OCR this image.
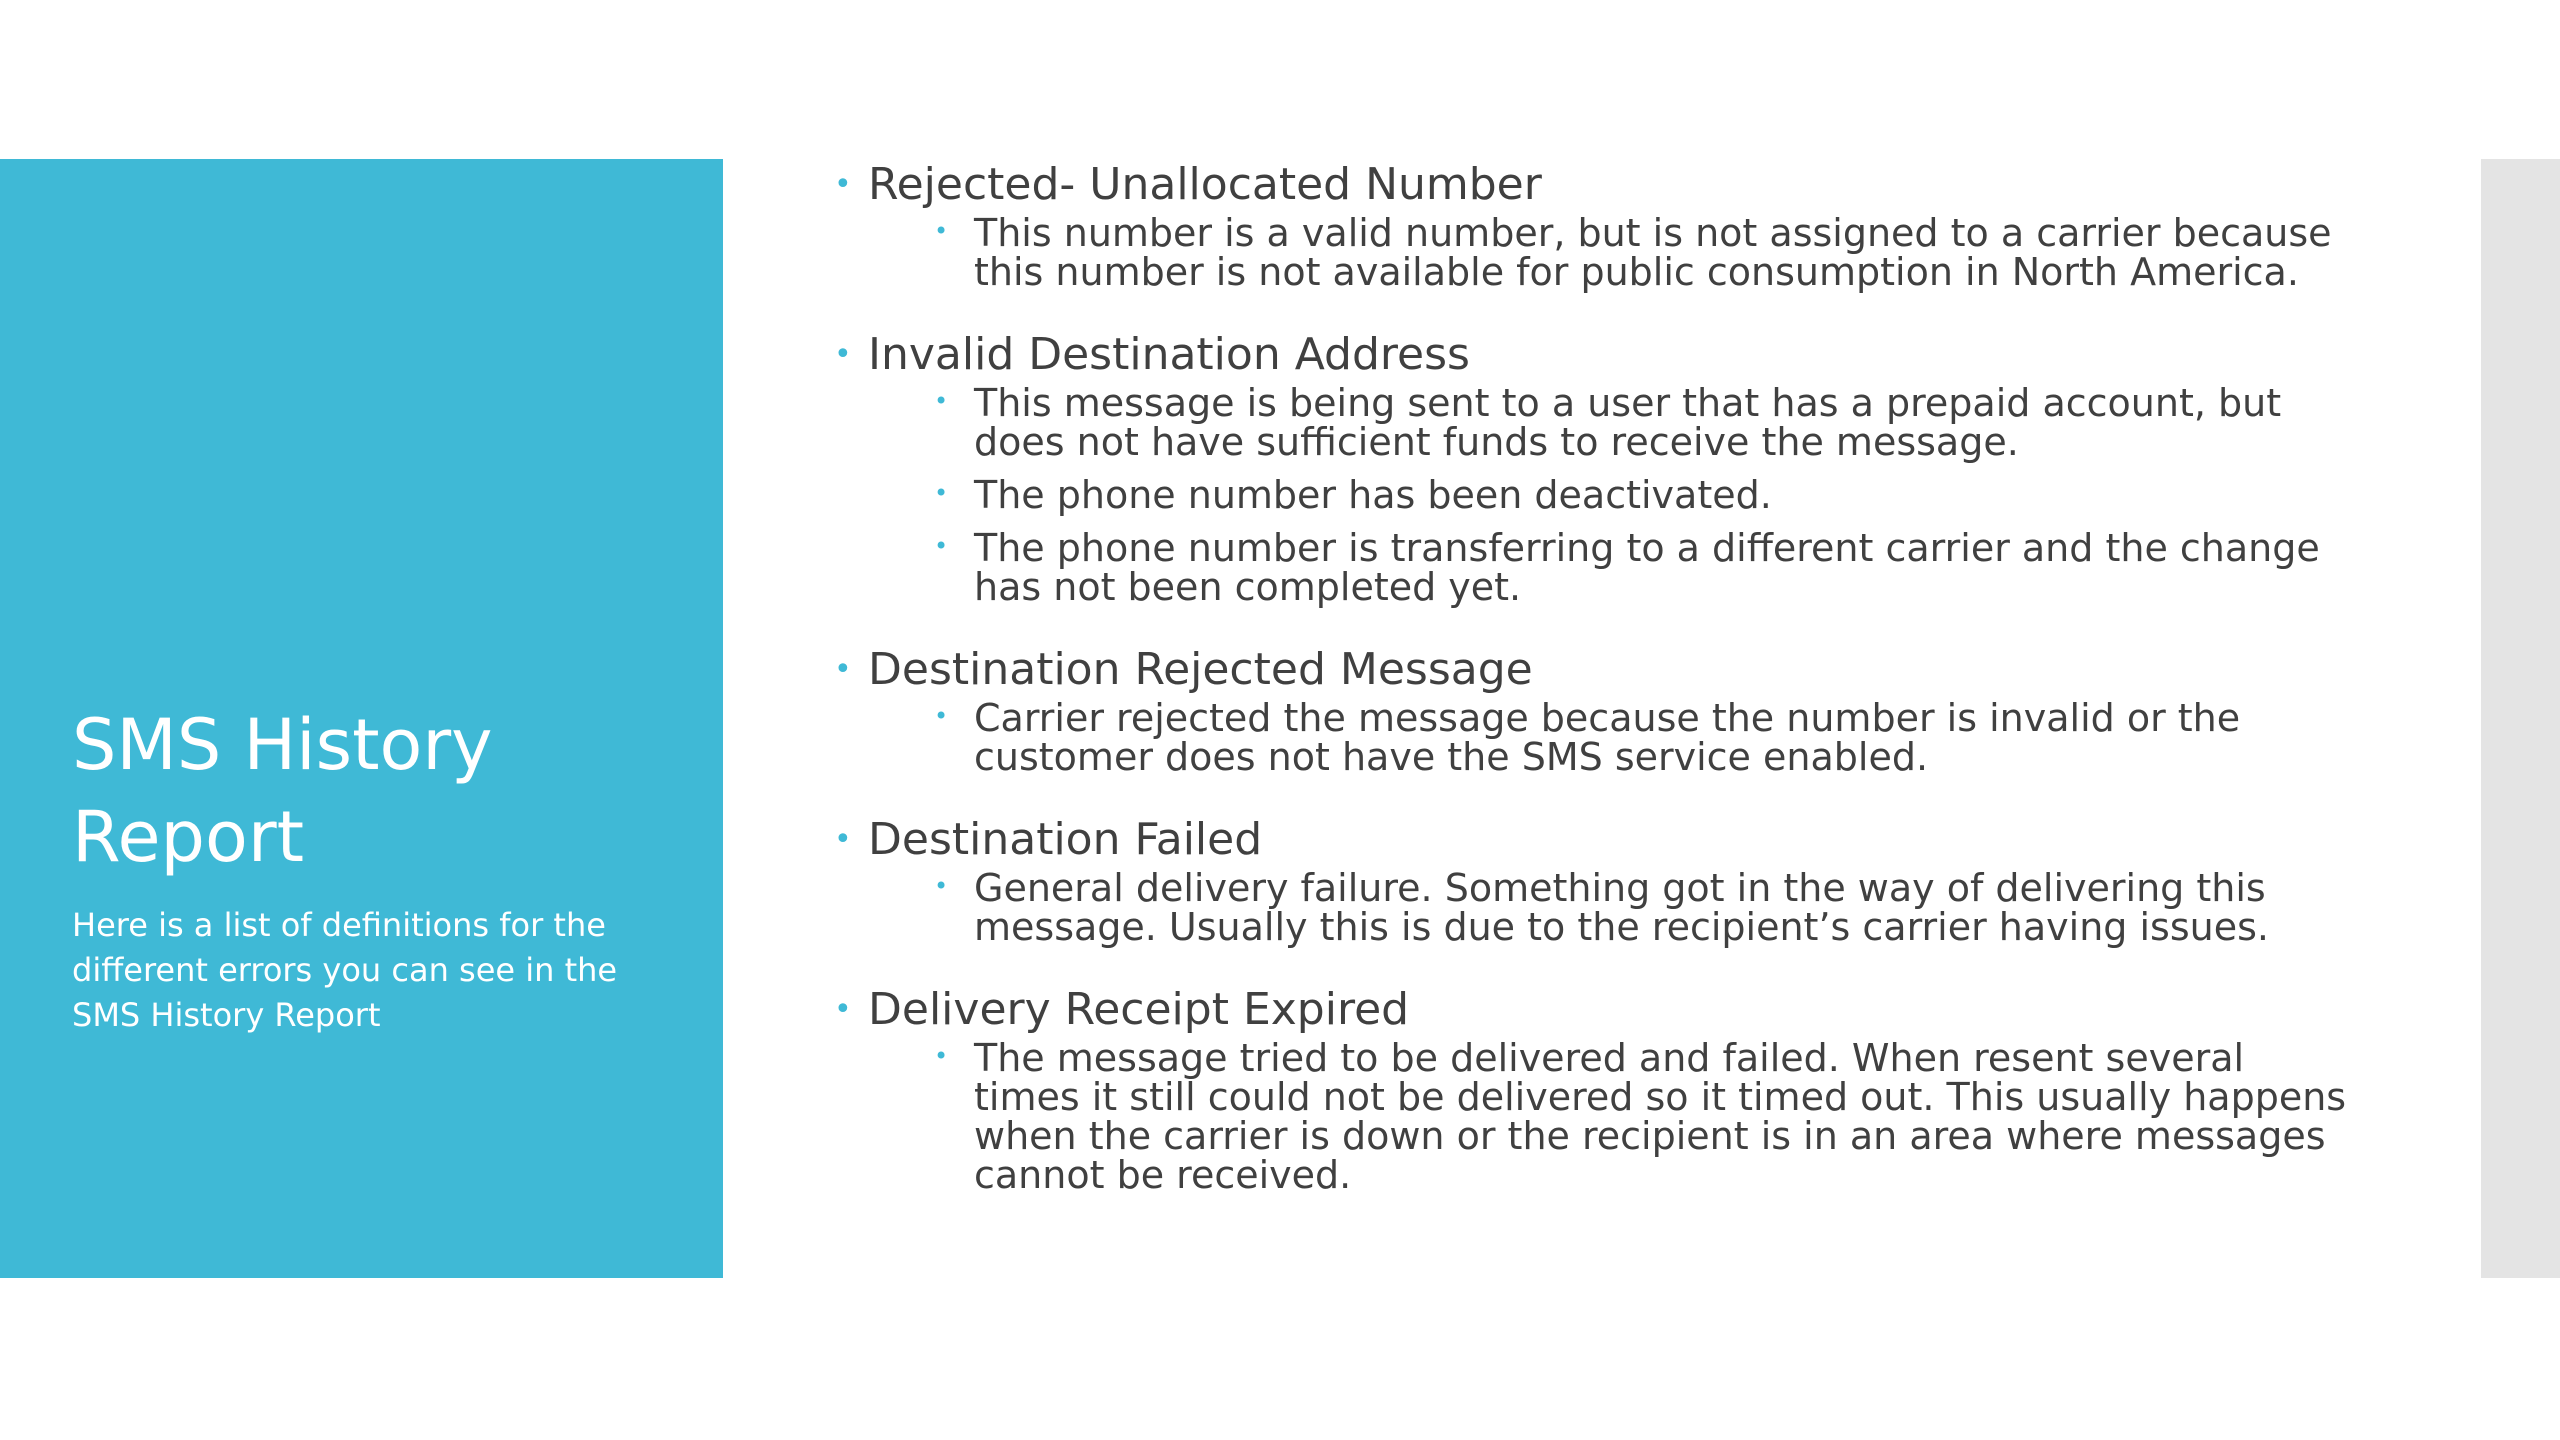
SMS History Report

Here is a list of definitions for the different errors you can see in the SMS History Report

• Rejected- Unallocated Number
• This number is a valid number, but is not assigned to a carrier because this number is not available for public consumption in North America.
• Invalid Destination Address
• This message is being sent to a user that has a prepaid account, but does not have sufficient funds to receive the message.
• The phone number has been deactivated.
• The phone number is transferring to a different carrier and the change has not been completed yet.
• Destination Rejected Message
• Carrier rejected the message because the number is invalid or the customer does not have the SMS service enabled.
• Destination Failed
• General delivery failure. Something got in the way of delivering this message. Usually this is due to the recipient’s carrier having issues.
• Delivery Receipt Expired
• The message tried to be delivered and failed. When resent several times it still could not be delivered so it timed out. This usually happens when the carrier is down or the recipient is in an area where messages cannot be received.
